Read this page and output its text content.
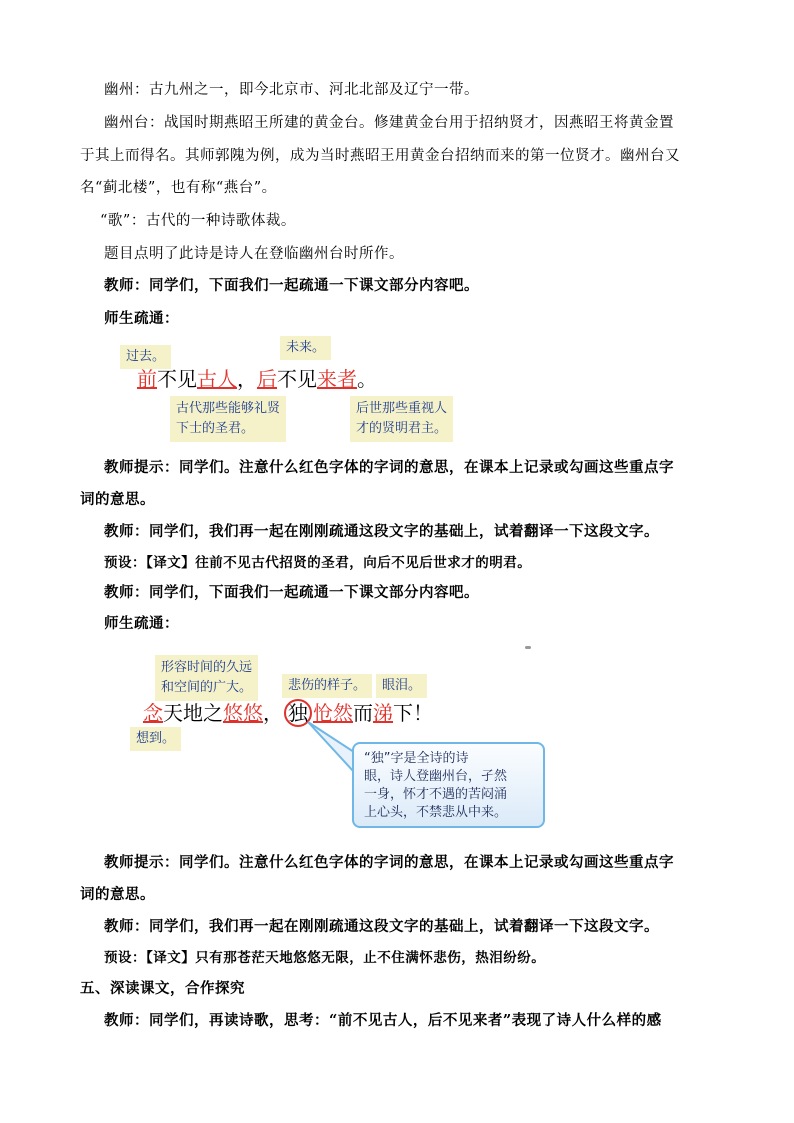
幽州：古九州之一，即今北京市、河北北部及辽宁一带。
幽州台：战国时期燕昭王所建的黄金台。修建黄金台用于招纳贤才，因燕昭王将黄金置
于其上而得名。其师郭隗为例，成为当时燕昭王用黄金台招纳而来的第一位贤才。幽州台又
名“蓟北楼”，也有称“燕台”。
“歌”：古代的一种诗歌体裁。
题目点明了此诗是诗人在登临幽州台时所作。
教师：同学们，下面我们一起疏通一下课文部分内容吧。
师生疏通：
过去。
未来。
前不见古人，后不见来者。
古代那些能够礼贤
下士的圣君。
后世那些重视人
才的贤明君主。
教师提示：同学们。注意什么红色字体的字词的意思，在课本上记录或勾画这些重点字
词的意思。
教师：同学们，我们再一起在刚刚疏通这段文字的基础上，试着翻译一下这段文字。
预设：【译文】往前不见古代招贤的圣君，向后不见后世求才的明君。
教师：同学们，下面我们一起疏通一下课文部分内容吧。
师生疏通：
形容时间的久远
和空间的广大。	悲伤的样子。	眼泪。
念天地之悠悠， 独 怆然而涕下！
想到。
“独”字是全诗的诗
眼，诗人登幽州台，孑然
一身，怀才不遇的苦闷涌
上心头，不禁悲从中来。
教师提示：同学们。注意什么红色字体的字词的意思，在课本上记录或勾画这些重点字
词的意思。
教师：同学们，我们再一起在刚刚疏通这段文字的基础上，试着翻译一下这段文字。
预设：【译文】只有那苍茫天地悠悠无限，止不住满怀悲伤，热泪纷纷。
五、深读课文，合作探究
教师：同学们，再读诗歌，思考：“前不见古人，后不见来者”表现了诗人什么样的感
